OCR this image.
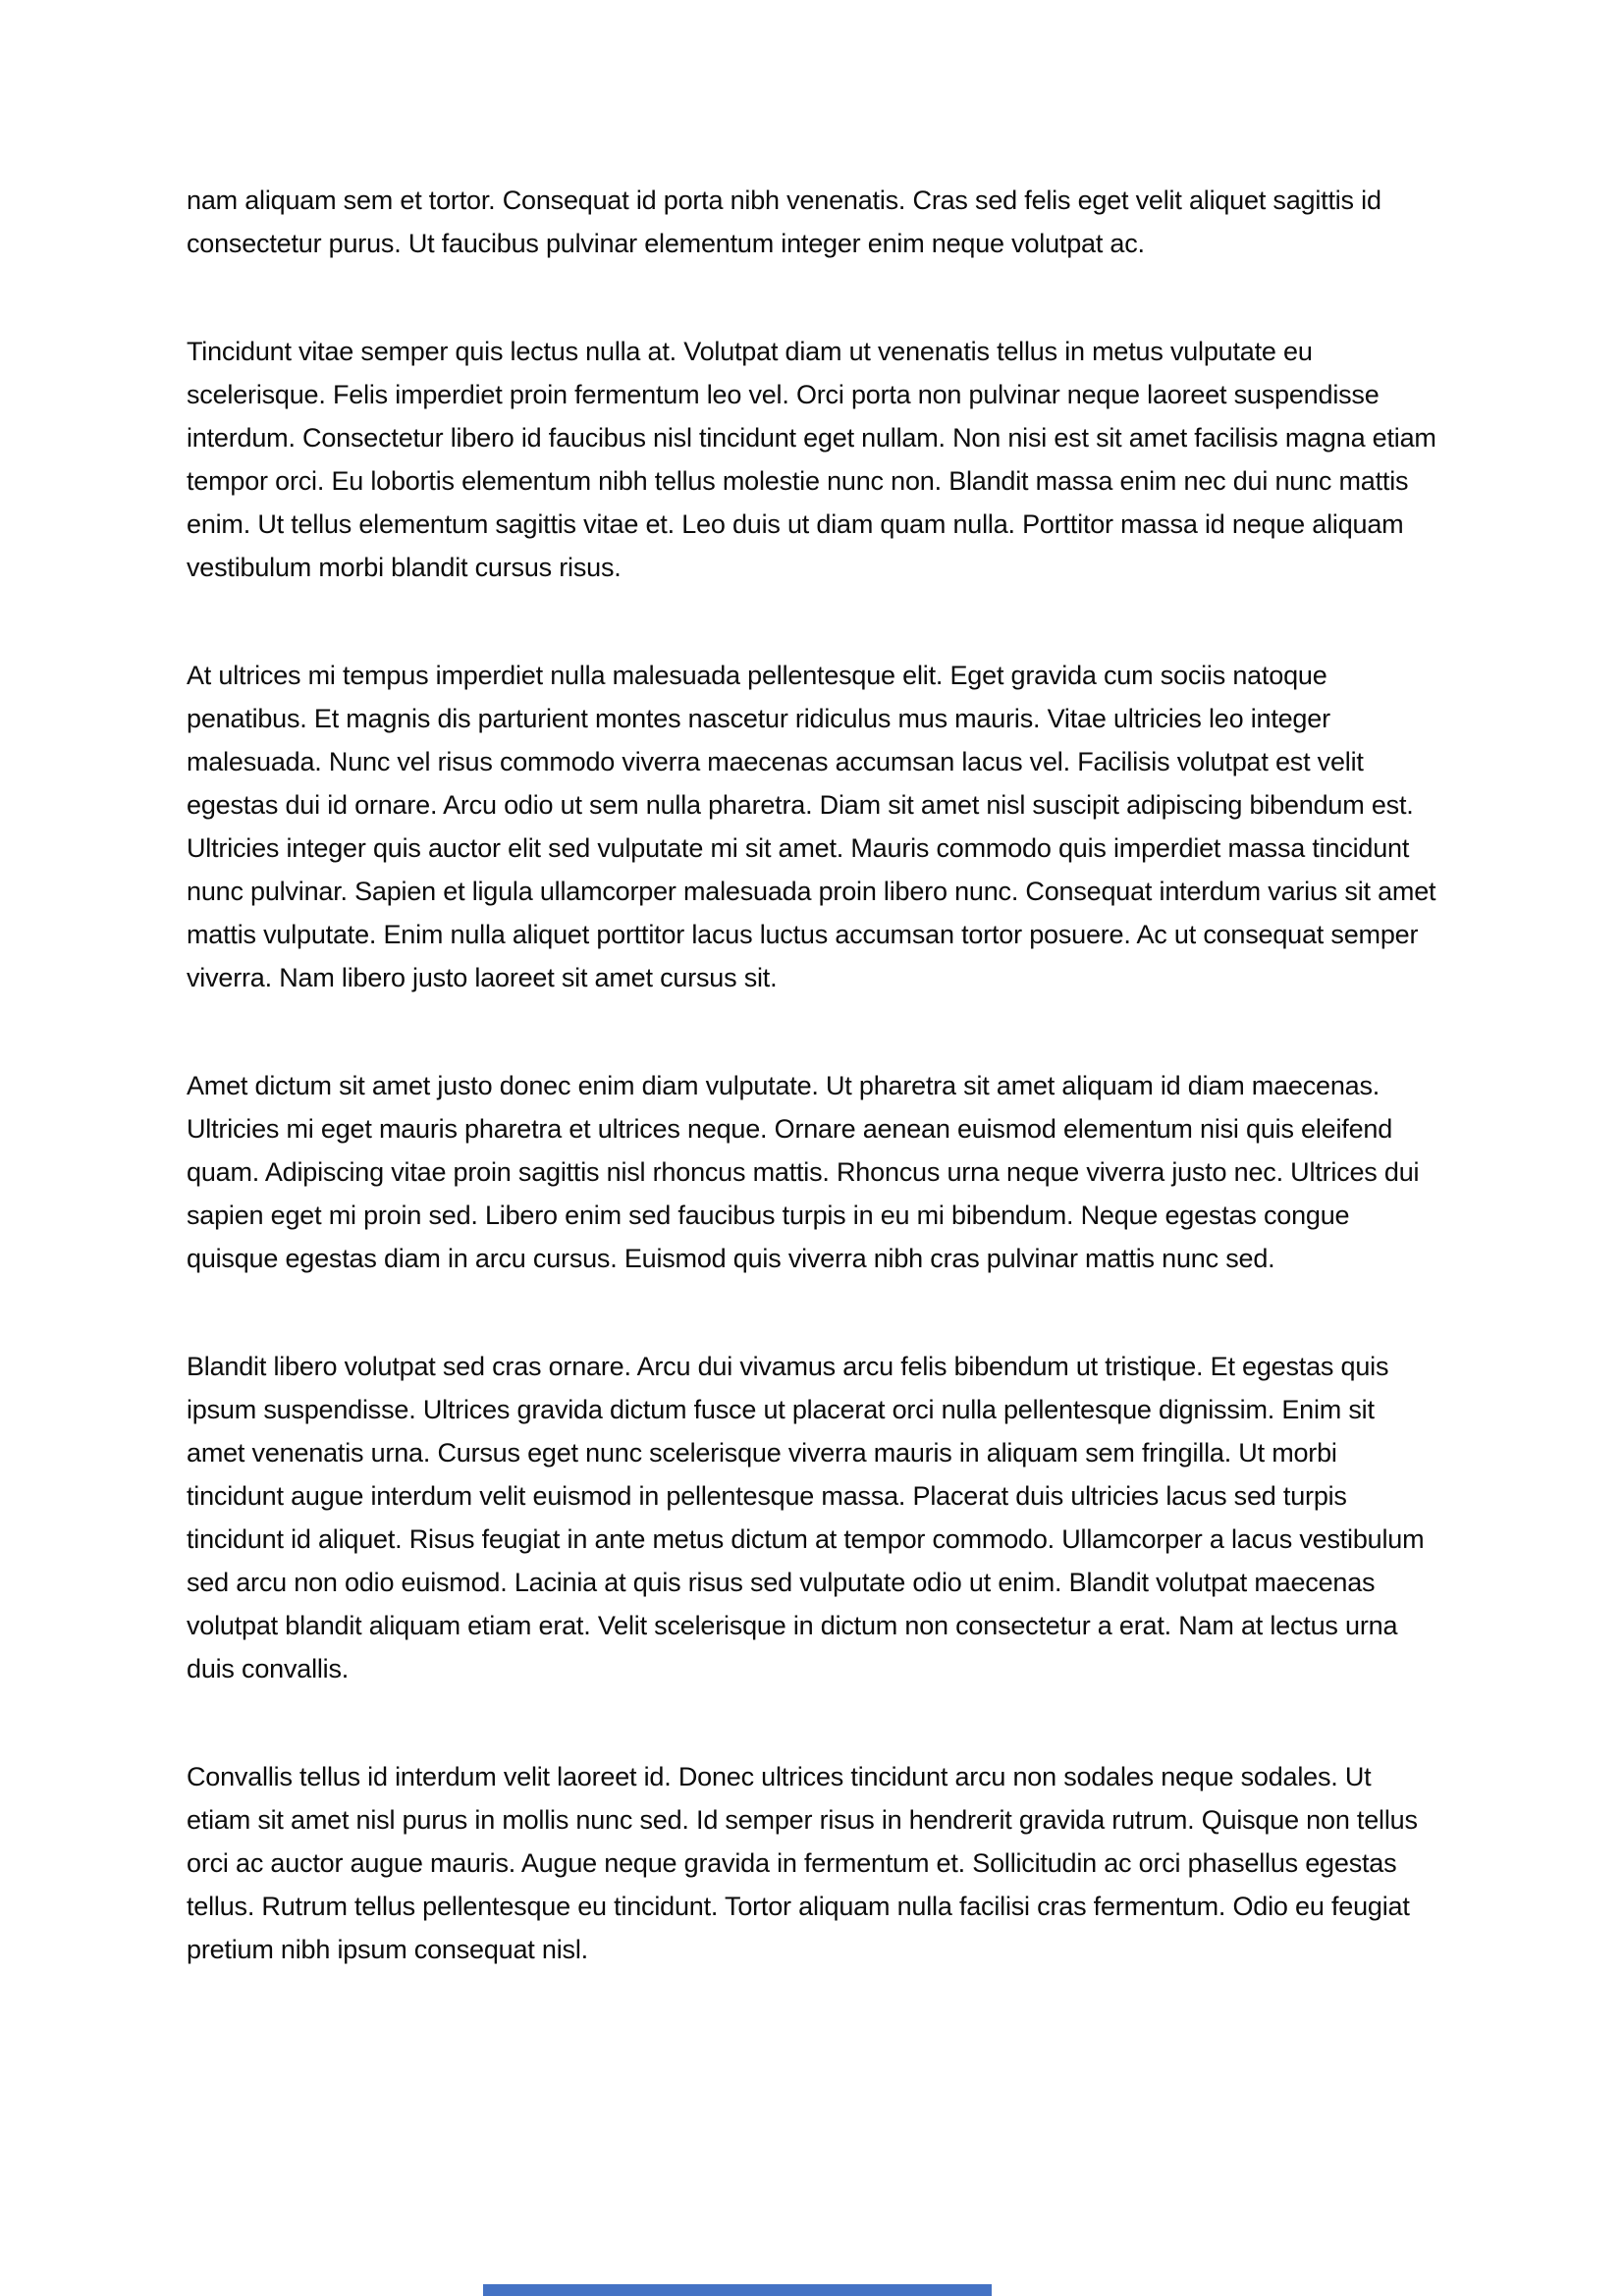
nam aliquam sem et tortor. Consequat id porta nibh venenatis. Cras sed felis eget velit aliquet sagittis id consectetur purus. Ut faucibus pulvinar elementum integer enim neque volutpat ac.

Tincidunt vitae semper quis lectus nulla at. Volutpat diam ut venenatis tellus in metus vulputate eu scelerisque. Felis imperdiet proin fermentum leo vel. Orci porta non pulvinar neque laoreet suspendisse interdum. Consectetur libero id faucibus nisl tincidunt eget nullam. Non nisi est sit amet facilisis magna etiam tempor orci. Eu lobortis elementum nibh tellus molestie nunc non. Blandit massa enim nec dui nunc mattis enim. Ut tellus elementum sagittis vitae et. Leo duis ut diam quam nulla. Porttitor massa id neque aliquam vestibulum morbi blandit cursus risus.

At ultrices mi tempus imperdiet nulla malesuada pellentesque elit. Eget gravida cum sociis natoque penatibus. Et magnis dis parturient montes nascetur ridiculus mus mauris. Vitae ultricies leo integer malesuada. Nunc vel risus commodo viverra maecenas accumsan lacus vel. Facilisis volutpat est velit egestas dui id ornare. Arcu odio ut sem nulla pharetra. Diam sit amet nisl suscipit adipiscing bibendum est. Ultricies integer quis auctor elit sed vulputate mi sit amet. Mauris commodo quis imperdiet massa tincidunt nunc pulvinar. Sapien et ligula ullamcorper malesuada proin libero nunc. Consequat interdum varius sit amet mattis vulputate. Enim nulla aliquet porttitor lacus luctus accumsan tortor posuere. Ac ut consequat semper viverra. Nam libero justo laoreet sit amet cursus sit.

Amet dictum sit amet justo donec enim diam vulputate. Ut pharetra sit amet aliquam id diam maecenas. Ultricies mi eget mauris pharetra et ultrices neque. Ornare aenean euismod elementum nisi quis eleifend quam. Adipiscing vitae proin sagittis nisl rhoncus mattis. Rhoncus urna neque viverra justo nec. Ultrices dui sapien eget mi proin sed. Libero enim sed faucibus turpis in eu mi bibendum. Neque egestas congue quisque egestas diam in arcu cursus. Euismod quis viverra nibh cras pulvinar mattis nunc sed.

Blandit libero volutpat sed cras ornare. Arcu dui vivamus arcu felis bibendum ut tristique. Et egestas quis ipsum suspendisse. Ultrices gravida dictum fusce ut placerat orci nulla pellentesque dignissim. Enim sit amet venenatis urna. Cursus eget nunc scelerisque viverra mauris in aliquam sem fringilla. Ut morbi tincidunt augue interdum velit euismod in pellentesque massa. Placerat duis ultricies lacus sed turpis tincidunt id aliquet. Risus feugiat in ante metus dictum at tempor commodo. Ullamcorper a lacus vestibulum sed arcu non odio euismod. Lacinia at quis risus sed vulputate odio ut enim. Blandit volutpat maecenas volutpat blandit aliquam etiam erat. Velit scelerisque in dictum non consectetur a erat. Nam at lectus urna duis convallis.

Convallis tellus id interdum velit laoreet id. Donec ultrices tincidunt arcu non sodales neque sodales. Ut etiam sit amet nisl purus in mollis nunc sed. Id semper risus in hendrerit gravida rutrum. Quisque non tellus orci ac auctor augue mauris. Augue neque gravida in fermentum et. Sollicitudin ac orci phasellus egestas tellus. Rutrum tellus pellentesque eu tincidunt. Tortor aliquam nulla facilisi cras fermentum. Odio eu feugiat pretium nibh ipsum consequat nisl.
